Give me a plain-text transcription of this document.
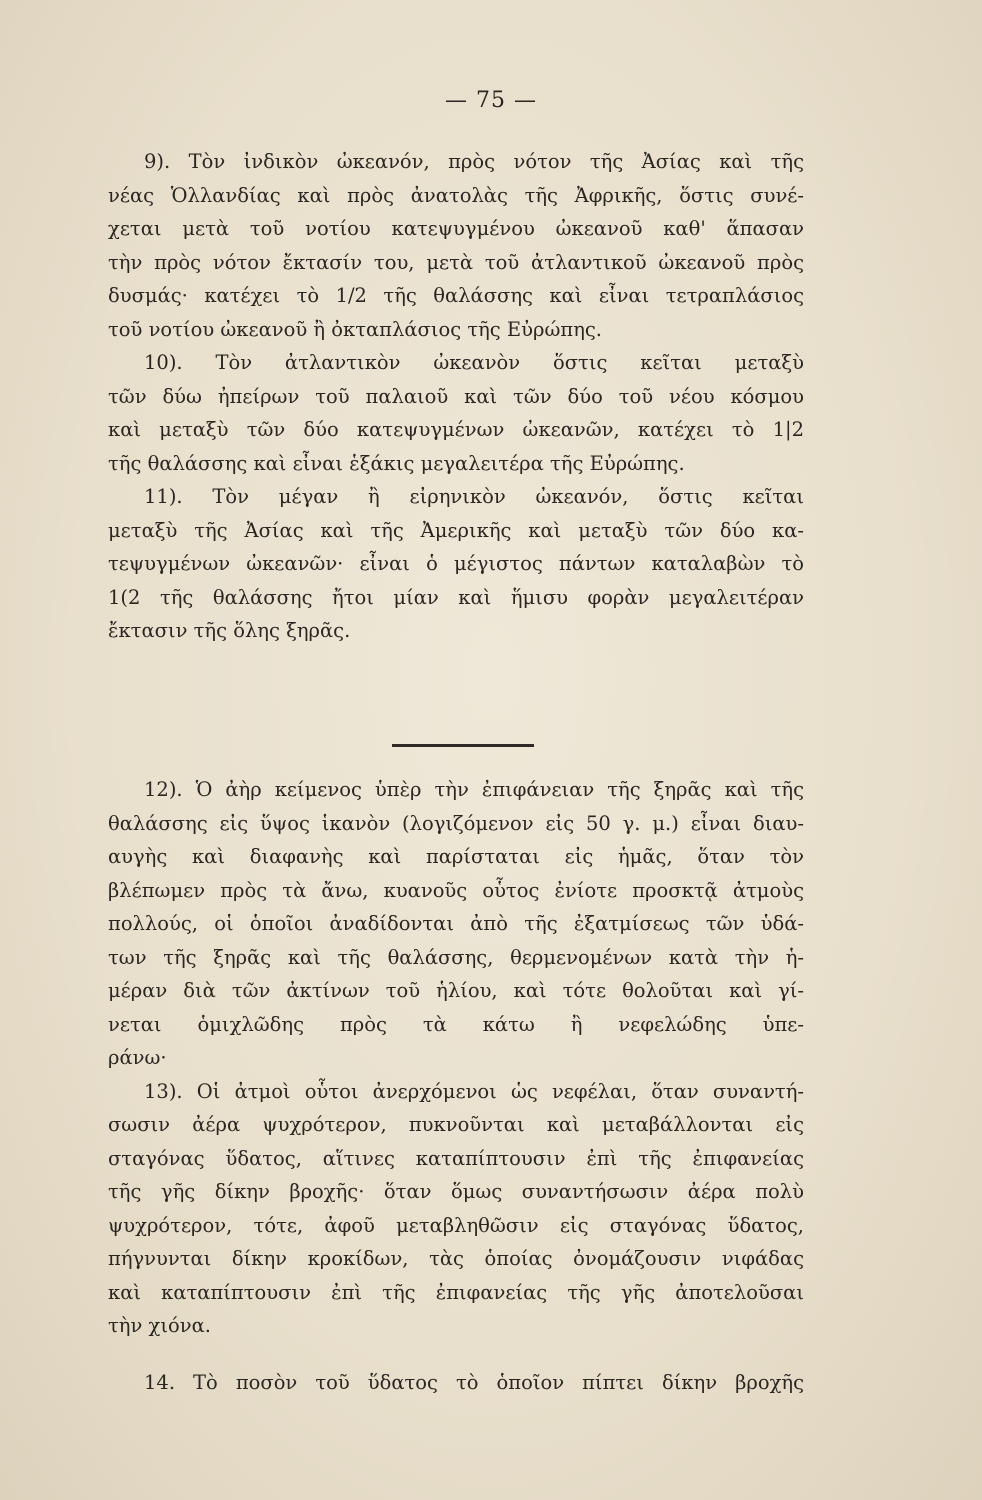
— 75 —
9). Τὸν ἰνδικὸν ὠκεανόν, πρὸς νότον τῆς Ἀσίας καὶ τῆς
νέας Ὁλλανδίας καὶ πρὸς ἀνατολὰς τῆς Ἀφρικῆς, ὅστις συνέ-
χεται μετὰ τοῦ νοτίου κατεψυγμένου ὠκεανοῦ καθ' ἅπασαν
τὴν πρὸς νότον ἔκτασίν του, μετὰ τοῦ ἀτλαντικοῦ ὠκεανοῦ πρὸς
δυσμάς· κατέχει τὸ 1/2 τῆς θαλάσσης καὶ εἶναι τετραπλάσιος
τοῦ νοτίου ὠκεανοῦ ἢ ὀκταπλάσιος τῆς Εὐρώπης.
10). Τὸν ἀτλαντικὸν ὠκεανὸν ὅστις κεῖται μεταξὺ
τῶν δύω ἠπείρων τοῦ παλαιοῦ καὶ τῶν δύο τοῦ νέου κόσμου
καὶ μεταξὺ τῶν δύο κατεψυγμένων ὠκεανῶν, κατέχει τὸ 1|2
τῆς θαλάσσης καὶ εἶναι ἑξάκις μεγαλειτέρα τῆς Εὐρώπης.
11). Τὸν μέγαν ἢ εἰρηνικὸν ὠκεανόν, ὅστις κεῖται
μεταξὺ τῆς Ἀσίας καὶ τῆς Ἀμερικῆς καὶ μεταξὺ τῶν δύο κα-
τεψυγμένων ὠκεανῶν· εἶναι ὁ μέγιστος πάντων καταλαβὼν τὸ
1(2 τῆς θαλάσσης ἤτοι μίαν καὶ ἥμισυ φορὰν μεγαλειτέραν
ἔκτασιν τῆς ὅλης ξηρᾶς.
12). Ὁ ἀὴρ κείμενος ὑπὲρ τὴν ἐπιφάνειαν τῆς ξηρᾶς καὶ τῆς
θαλάσσης εἰς ὕψος ἱκανὸν (λογιζόμενον εἰς 50 γ. μ.) εἶναι διαυ-
αυγὴς καὶ διαφανὴς καὶ παρίσταται εἰς ἡμᾶς, ὅταν τὸν
βλέπωμεν πρὸς τὰ ἄνω, κυανοῦς οὗτος ἐνίοτε προσκτᾷ ἀτμοὺς
πολλούς, οἱ ὁποῖοι ἀναδίδονται ἀπὸ τῆς ἐξατμίσεως τῶν ὑδά-
των τῆς ξηρᾶς καὶ τῆς θαλάσσης, θερμενομένων κατὰ τὴν ἡ-
μέραν διὰ τῶν ἀκτίνων τοῦ ἡλίου, καὶ τότε θολοῦται καὶ γί-
νεται ὁμιχλῶδης πρὸς τὰ κάτω ἢ νεφελώδης ὑπε-
ράνω·
13). Οἱ ἀτμοὶ οὗτοι ἀνερχόμενοι ὡς νεφέλαι, ὅταν συναντή-
σωσιν ἀέρα ψυχρότερον, πυκνοῦνται καὶ μεταβάλλονται εἰς
σταγόνας ὕδατος, αἵτινες καταπίπτουσιν ἐπὶ τῆς ἐπιφανείας
τῆς γῆς δίκην βροχῆς· ὅταν ὅμως συναντήσωσιν ἀέρα πολὺ
ψυχρότερον, τότε, ἀφοῦ μεταβληθῶσιν εἰς σταγόνας ὕδατος,
πήγνυνται δίκην κροκίδων, τὰς ὁποίας ὀνομάζουσιν νιφάδας
καὶ καταπίπτουσιν ἐπὶ τῆς ἐπιφανείας τῆς γῆς ἀποτελοῦσαι
τὴν χιόνα.
14. Τὸ ποσὸν τοῦ ὕδατος τὸ ὁποῖον πίπτει δίκην βροχῆς
